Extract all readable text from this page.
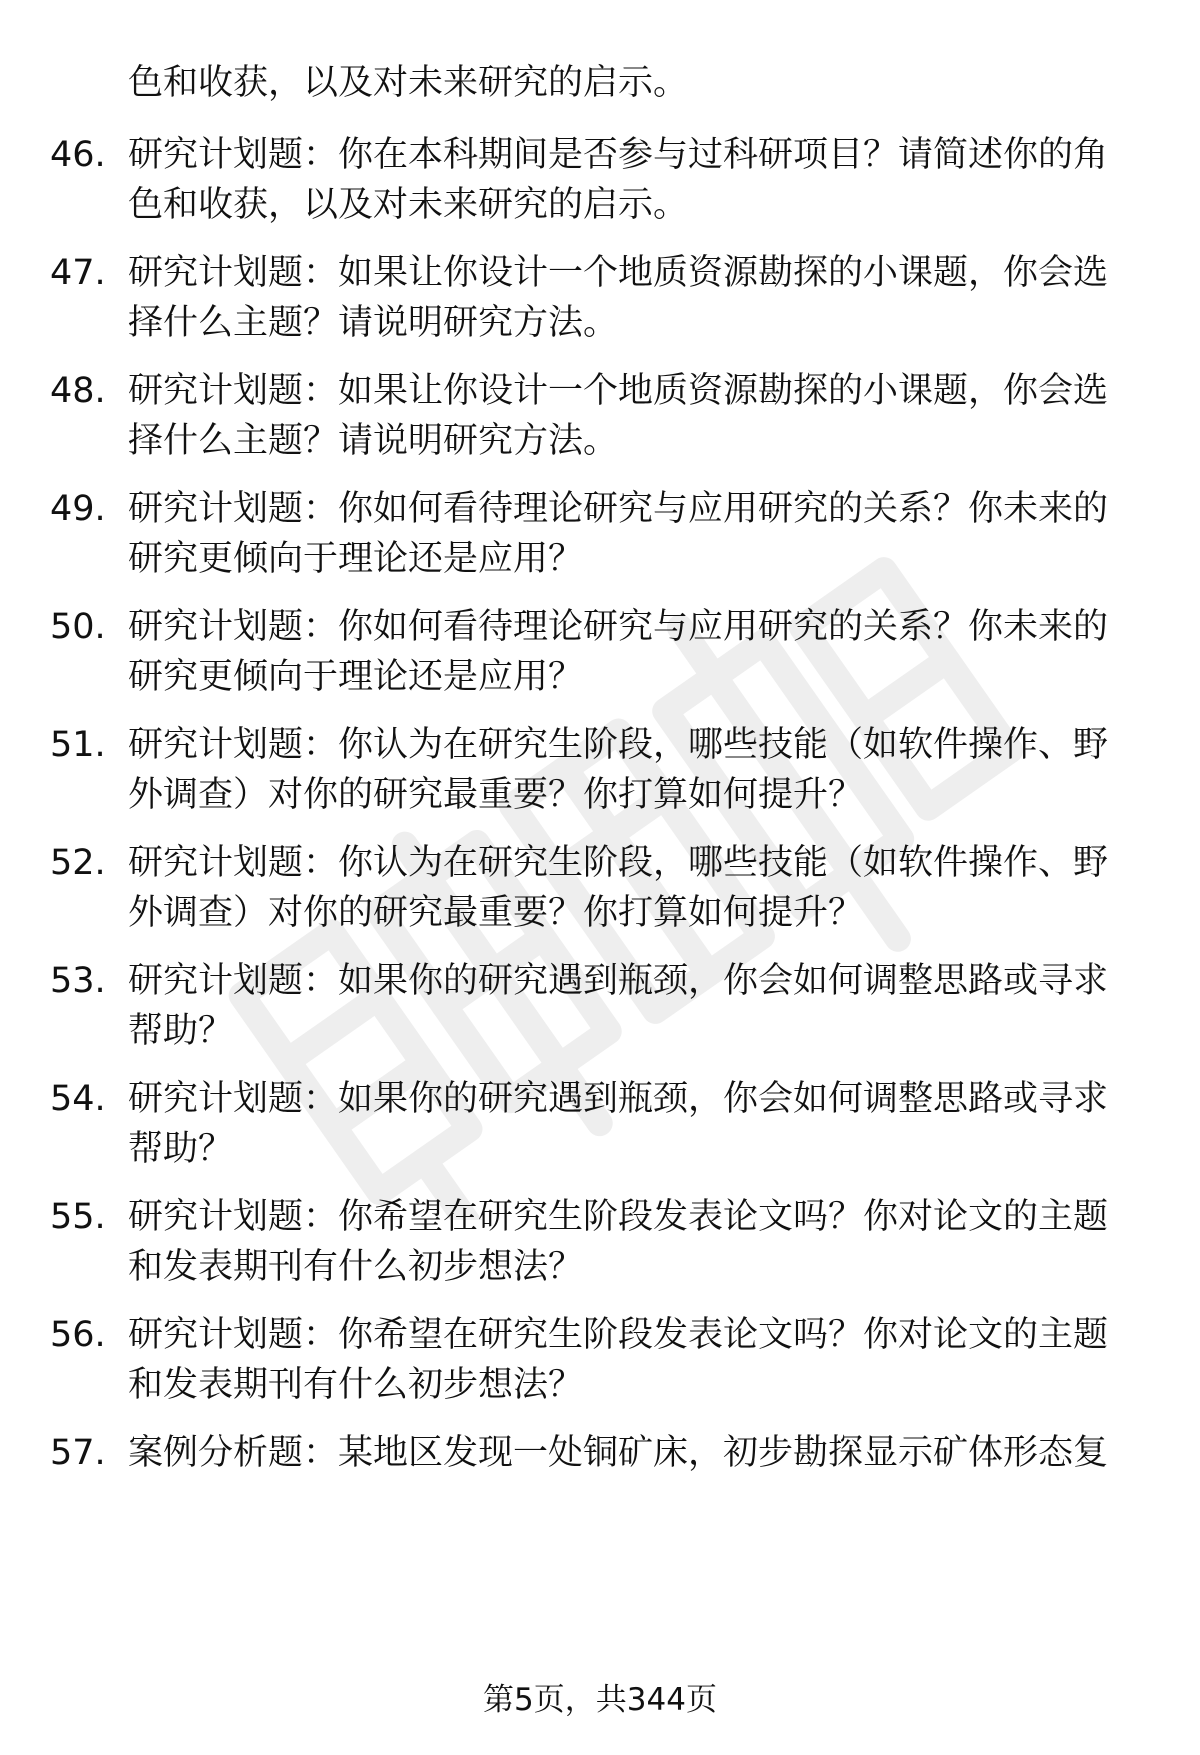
色和收获，以及对未来研究的启示。
46. 研究计划题：你在本科期间是否参与过科研项目？请简述你的角
色和收获，以及对未来研究的启示。
47. 研究计划题：如果让你设计一个地质资源勘探的小课题，你会选
择什么主题？请说明研究方法。
48. 研究计划题：如果让你设计一个地质资源勘探的小课题，你会选
择什么主题？请说明研究方法。
49. 研究计划题：你如何看待理论研究与应用研究的关系？你未来的
研究更倾向于理论还是应用？
50. 研究计划题：你如何看待理论研究与应用研究的关系？你未来的
研究更倾向于理论还是应用？
51. 研究计划题：你认为在研究生阶段，哪些技能（如软件操作、野
外调查）对你的研究最重要？你打算如何提升？
52. 研究计划题：你认为在研究生阶段，哪些技能（如软件操作、野
外调查）对你的研究最重要？你打算如何提升？
53. 研究计划题：如果你的研究遇到瓶颈，你会如何调整思路或寻求
帮助？
54. 研究计划题：如果你的研究遇到瓶颈，你会如何调整思路或寻求
帮助？
55. 研究计划题：你希望在研究生阶段发表论文吗？你对论文的主题
和发表期刊有什么初步想法？
56. 研究计划题：你希望在研究生阶段发表论文吗？你对论文的主题
和发表期刊有什么初步想法？
57. 案例分析题：某地区发现一处铜矿床，初步勘探显示矿体形态复
第5页，共344页
